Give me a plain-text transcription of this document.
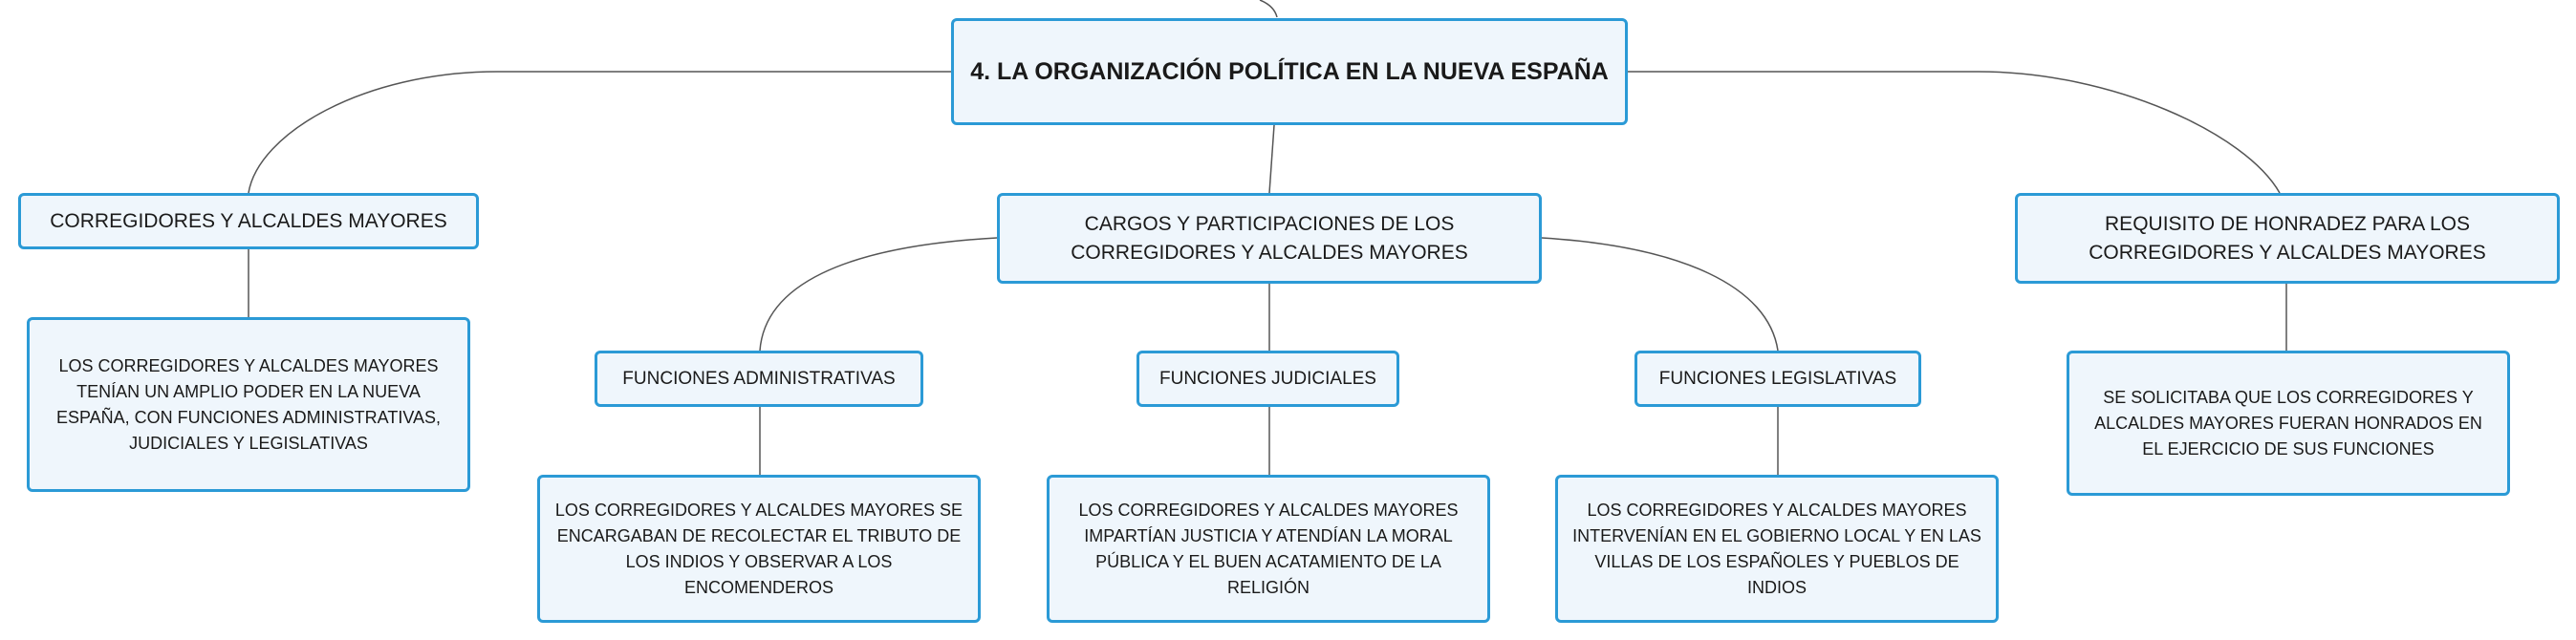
4. LA ORGANIZACIÓN POLÍTICA EN LA NUEVA ESPAÑA
CORREGIDORES Y ALCALDES MAYORES
LOS CORREGIDORES Y ALCALDES MAYORES TENÍAN UN AMPLIO PODER EN LA NUEVA ESPAÑA, CON FUNCIONES ADMINISTRATIVAS, JUDICIALES Y LEGISLATIVAS
CARGOS Y PARTICIPACIONES DE LOS CORREGIDORES Y ALCALDES MAYORES
FUNCIONES ADMINISTRATIVAS
LOS CORREGIDORES Y ALCALDES MAYORES SE ENCARGABAN DE RECOLECTAR EL TRIBUTO DE LOS INDIOS Y OBSERVAR A LOS ENCOMENDEROS
FUNCIONES JUDICIALES
LOS CORREGIDORES Y ALCALDES MAYORES IMPARTÍAN JUSTICIA Y ATENDÍAN LA MORAL PÚBLICA Y EL BUEN ACATAMIENTO DE LA RELIGIÓN
FUNCIONES LEGISLATIVAS
LOS CORREGIDORES Y ALCALDES MAYORES INTERVENÍAN EN EL GOBIERNO LOCAL Y EN LAS VILLAS DE LOS ESPAÑOLES Y PUEBLOS DE INDIOS
REQUISITO DE HONRADEZ PARA LOS CORREGIDORES Y ALCALDES MAYORES
SE SOLICITABA QUE LOS CORREGIDORES Y ALCALDES MAYORES FUERAN HONRADOS EN EL EJERCICIO DE SUS FUNCIONES
